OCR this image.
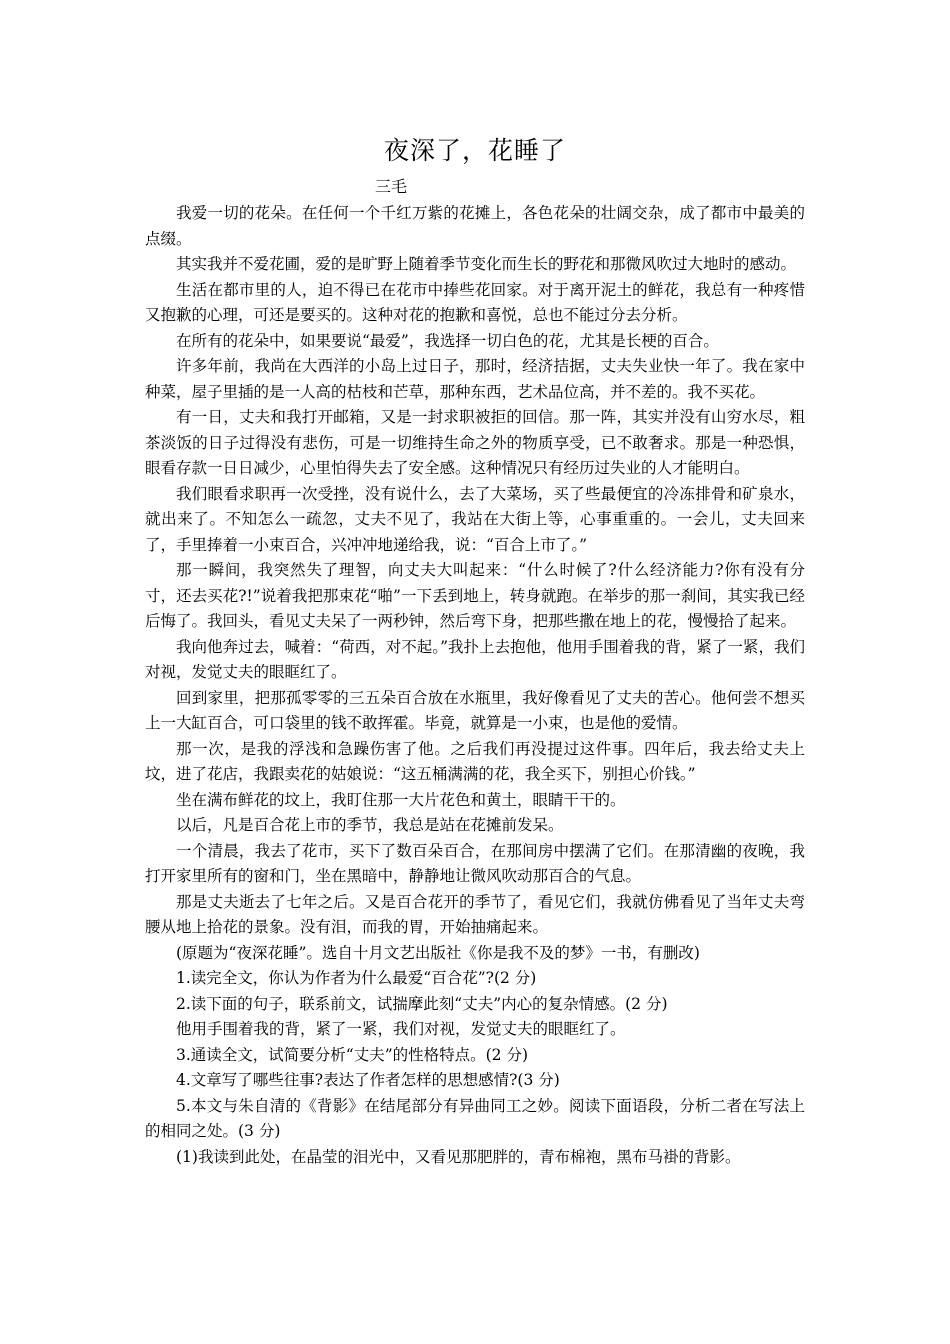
夜深了，花睡了
三毛

我爱一切的花朵。在任何一个千红万紫的花摊上，各色花朵的壮阔交杂，成了都市中最美的点缀。

其实我并不爱花圃，爱的是旷野上随着季节变化而生长的野花和那微风吹过大地时的感动。

生活在都市里的人，迫不得已在花市中捧些花回家。对于离开泥土的鲜花，我总有一种疼惜又抱歉的心理，可还是要买的。这种对花的抱歉和喜悦，总也不能过分去分析。

在所有的花朵中，如果要说“最爱”，我选择一切白色的花，尤其是长梗的百合。

许多年前，我尚在大西洋的小岛上过日子，那时，经济拮据，丈夫失业快一年了。我在家中种菜，屋子里插的是一人高的枯枝和芒草，那种东西，艺术品位高，并不差的。我不买花。

有一日，丈夫和我打开邮箱，又是一封求职被拒的回信。那一阵，其实并没有山穷水尽，粗茶淡饭的日子过得没有悲伤，可是一切维持生命之外的物质享受，已不敢奢求。那是一种恐惧，眼看存款一日日减少，心里怕得失去了安全感。这种情况只有经历过失业的人才能明白。

我们眼看求职再一次受挫，没有说什么，去了大菜场，买了些最便宜的冷冻排骨和矿泉水，就出来了。不知怎么一疏忽，丈夫不见了，我站在大街上等，心事重重的。一会儿，丈夫回来了，手里捧着一小束百合，兴冲冲地递给我，说：“百合上市了。”

那一瞬间，我突然失了理智，向丈夫大叫起来：“什么时候了?什么经济能力?你有没有分寸，还去买花?!”说着我把那束花“啪”一下丢到地上，转身就跑。在举步的那一刹间，其实我已经后悔了。我回头，看见丈夫呆了一两秒钟，然后弯下身，把那些撒在地上的花，慢慢拾了起来。

我向他奔过去，喊着：“荷西，对不起。”我扑上去抱他，他用手围着我的背，紧了一紧，我们对视，发觉丈夫的眼眶红了。

回到家里，把那孤零零的三五朵百合放在水瓶里，我好像看见了丈夫的苦心。他何尝不想买上一大缸百合，可口袋里的钱不敢挥霍。毕竟，就算是一小束，也是他的爱情。

那一次，是我的浮浅和急躁伤害了他。之后我们再没提过这件事。四年后，我去给丈夫上坟，进了花店，我跟卖花的姑娘说：“这五桶满满的花，我全买下，别担心价钱。”

坐在满布鲜花的坟上，我盯住那一大片花色和黄土，眼睛干干的。

以后，凡是百合花上市的季节，我总是站在花摊前发呆。

一个清晨，我去了花市，买下了数百朵百合，在那间房中摆满了它们。在那清幽的夜晚，我打开家里所有的窗和门，坐在黑暗中，静静地让微风吹动那百合的气息。

那是丈夫逝去了七年之后。又是百合花开的季节了，看见它们，我就仿佛看见了当年丈夫弯腰从地上拾花的景象。没有泪，而我的胃，开始抽痛起来。

(原题为“夜深花睡”。选自十月文艺出版社《你是我不及的梦》一书，有删改)

1.读完全文，你认为作者为什么最爱“百合花”?(2 分)

2.读下面的句子，联系前文，试揣摩此刻“丈夫”内心的复杂情感。(2 分)

他用手围着我的背，紧了一紧，我们对视，发觉丈夫的眼眶红了。

3.通读全文，试简要分析“丈夫”的性格特点。(2 分)

4.文章写了哪些往事?表达了作者怎样的思想感情?(3 分)

5.本文与朱自清的《背影》在结尾部分有异曲同工之妙。阅读下面语段，分析二者在写法上的相同之处。(3 分)

(1)我读到此处，在晶莹的泪光中，又看见那肥胖的，青布棉袍，黑布马褂的背影。
